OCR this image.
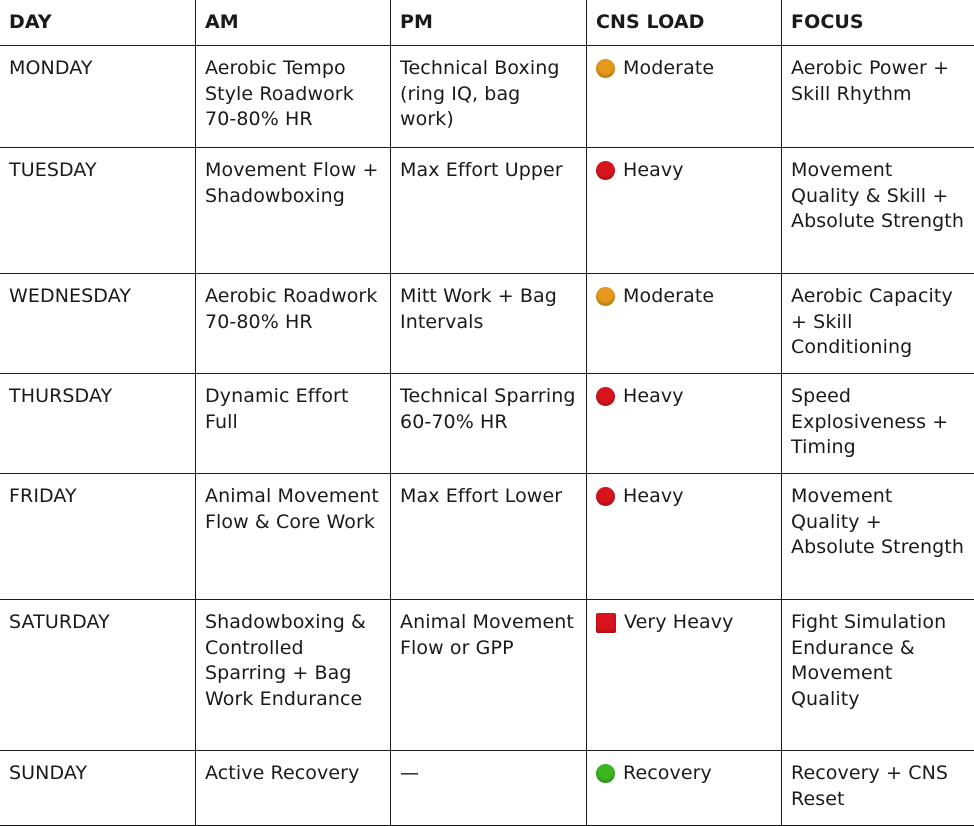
DAY	AM	PM	CNS LOAD	FOCUS
MONDAY	Aerobic Tempo Style Roadwork 70-80% HR	Technical Boxing (ring IQ, bag work)	Moderate	Aerobic Power + Skill Rhythm
TUESDAY	Movement Flow + Shadowboxing	Max Effort Upper	Heavy	Movement Quality & Skill + Absolute Strength
WEDNESDAY	Aerobic Roadwork 70-80% HR	Mitt Work + Bag Intervals	Moderate	Aerobic Capacity + Skill Conditioning
THURSDAY	Dynamic Effort Full	Technical Sparring 60-70% HR	Heavy	Speed Explosiveness + Timing
FRIDAY	Animal Movement Flow & Core Work	Max Effort Lower	Heavy	Movement Quality + Absolute Strength
SATURDAY	Shadowboxing & Controlled Sparring + Bag Work Endurance	Animal Movement Flow or GPP	Very Heavy	Fight Simulation Endurance & Movement Quality
SUNDAY	Active Recovery	—	Recovery	Recovery + CNS Reset
